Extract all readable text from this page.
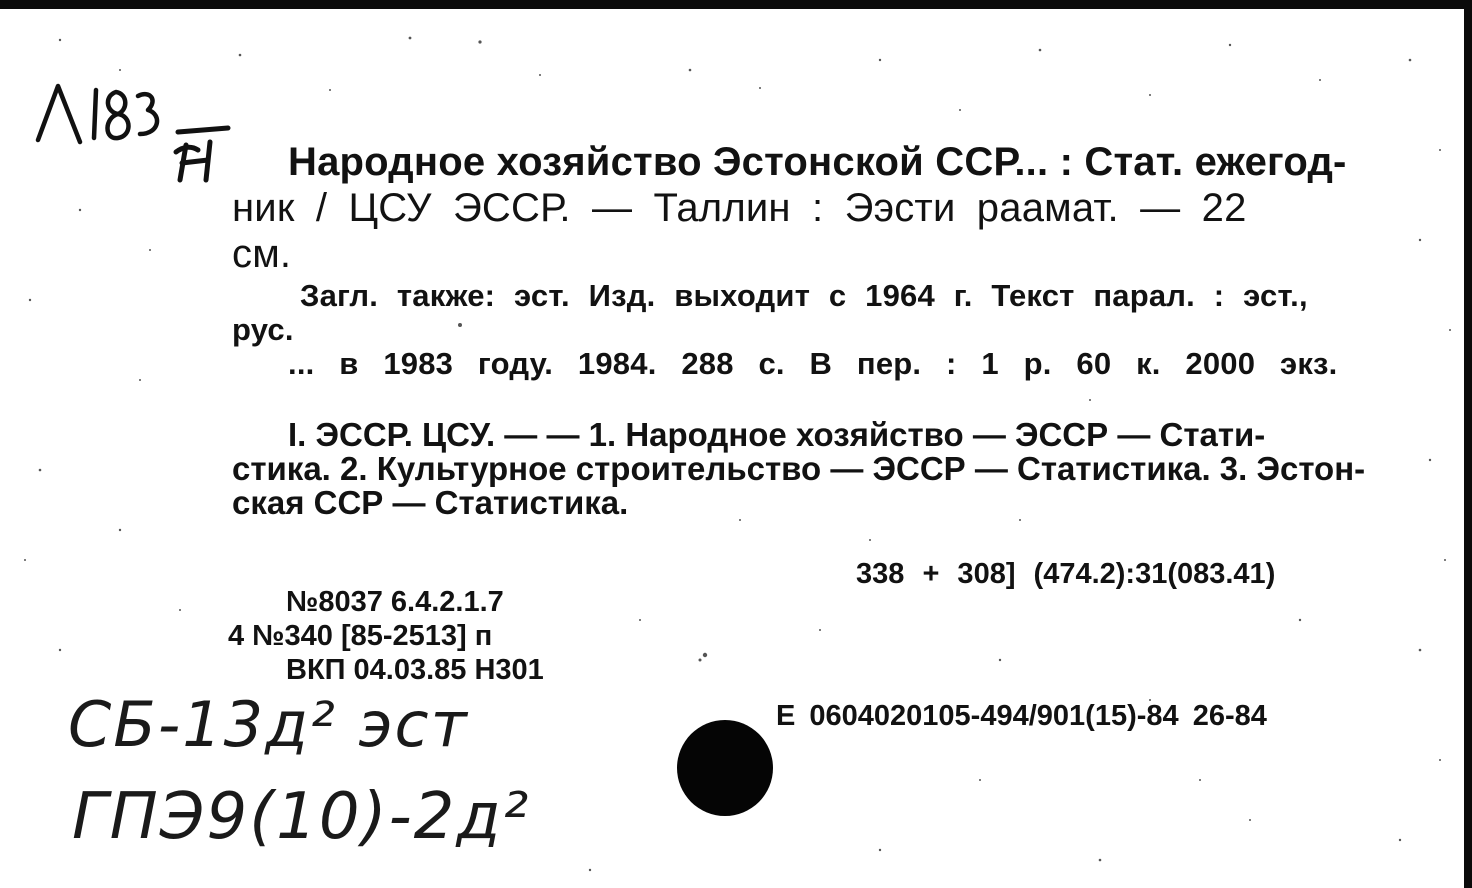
Народное хозяйство Эстонской ССР... : Стат. ежегод-
ник / ЦСУ ЭССР. — Таллин : Ээсти раамат. — 22
см.
Загл. также: эст. Изд. выходит с 1964 г. Текст парал. : эст.,
рус.
... в 1983 году. 1984. 288 с. В пер. : 1 р. 60 к. 2000 экз.
I. ЭССР. ЦСУ. — — 1. Народное хозяйство — ЭССР — Стати-
стика. 2. Культурное строительство — ЭССР — Статистика. 3. Эстон-
ская ССР — Статистика.
338 + 308] (474.2):31(083.41)
№8037 6.4.2.1.7
4 №340 [85-2513] п
ВКП 04.03.85 Н301
E 0604020105-494/901(15)-84 26-84
СБ-13д² эст
ГПЭ9(10)-2д²
